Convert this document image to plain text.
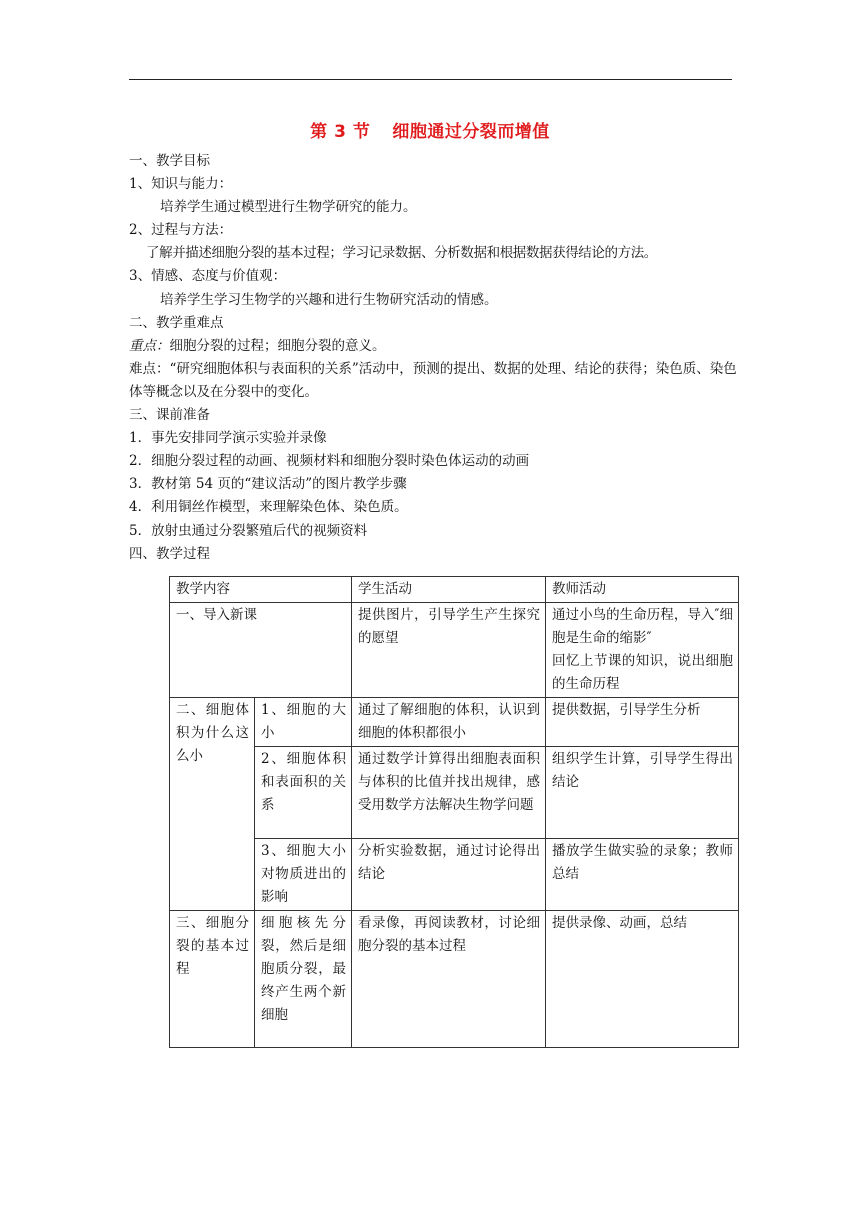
第 3 节 细胞通过分裂而增值
一、教学目标
1、知识与能力：
培养学生通过模型进行生物学研究的能力。
2、过程与方法：
了解并描述细胞分裂的基本过程；学习记录数据、分析数据和根据数据获得结论的方法。
3、情感、态度与价值观：
培养学生学习生物学的兴趣和进行生物研究活动的情感。
二、教学重难点
重点：细胞分裂的过程；细胞分裂的意义。
难点：“研究细胞体积与表面积的关系”活动中，预测的提出、数据的处理、结论的获得；染色质、染色体等概念以及在分裂中的变化。
三、课前准备
1．事先安排同学演示实验并录像
2．细胞分裂过程的动画、视频材料和细胞分裂时染色体运动的动画
3．教材第 54 页的“建议活动”的图片教学步骤
4．利用铜丝作模型，来理解染色体、染色质。
5．放射虫通过分裂繁殖后代的视频资料
四、教学过程
教学内容		学生活动	教师活动
一、导入新课		提供图片，引导学生产生探究的愿望	通过小鸟的生命历程，导入″细胞是生命的缩影″
回忆上节课的知识，说出细胞的生命历程

二、细胞体积为什么这么小	1、细胞的大小	通过了解细胞的体积，认识到细胞的体积都很小	提供数据，引导学生分析
	2、细胞体积和表面积的关系	通过数学计算得出细胞表面积与体积的比值并找出规律，感受用数学方法解决生物学问题	组织学生计算，引导学生得出结论
	3、细胞大小对物质进出的影响	分析实验数据，通过讨论得出结论	播放学生做实验的录象；教师总结
三、细胞分裂的基本过程	细胞核先分裂，然后是细胞质分裂，最终产生两个新细胞	看录像，再阅读教材，讨论细胞分裂的基本过程	提供录像、动画，总结
